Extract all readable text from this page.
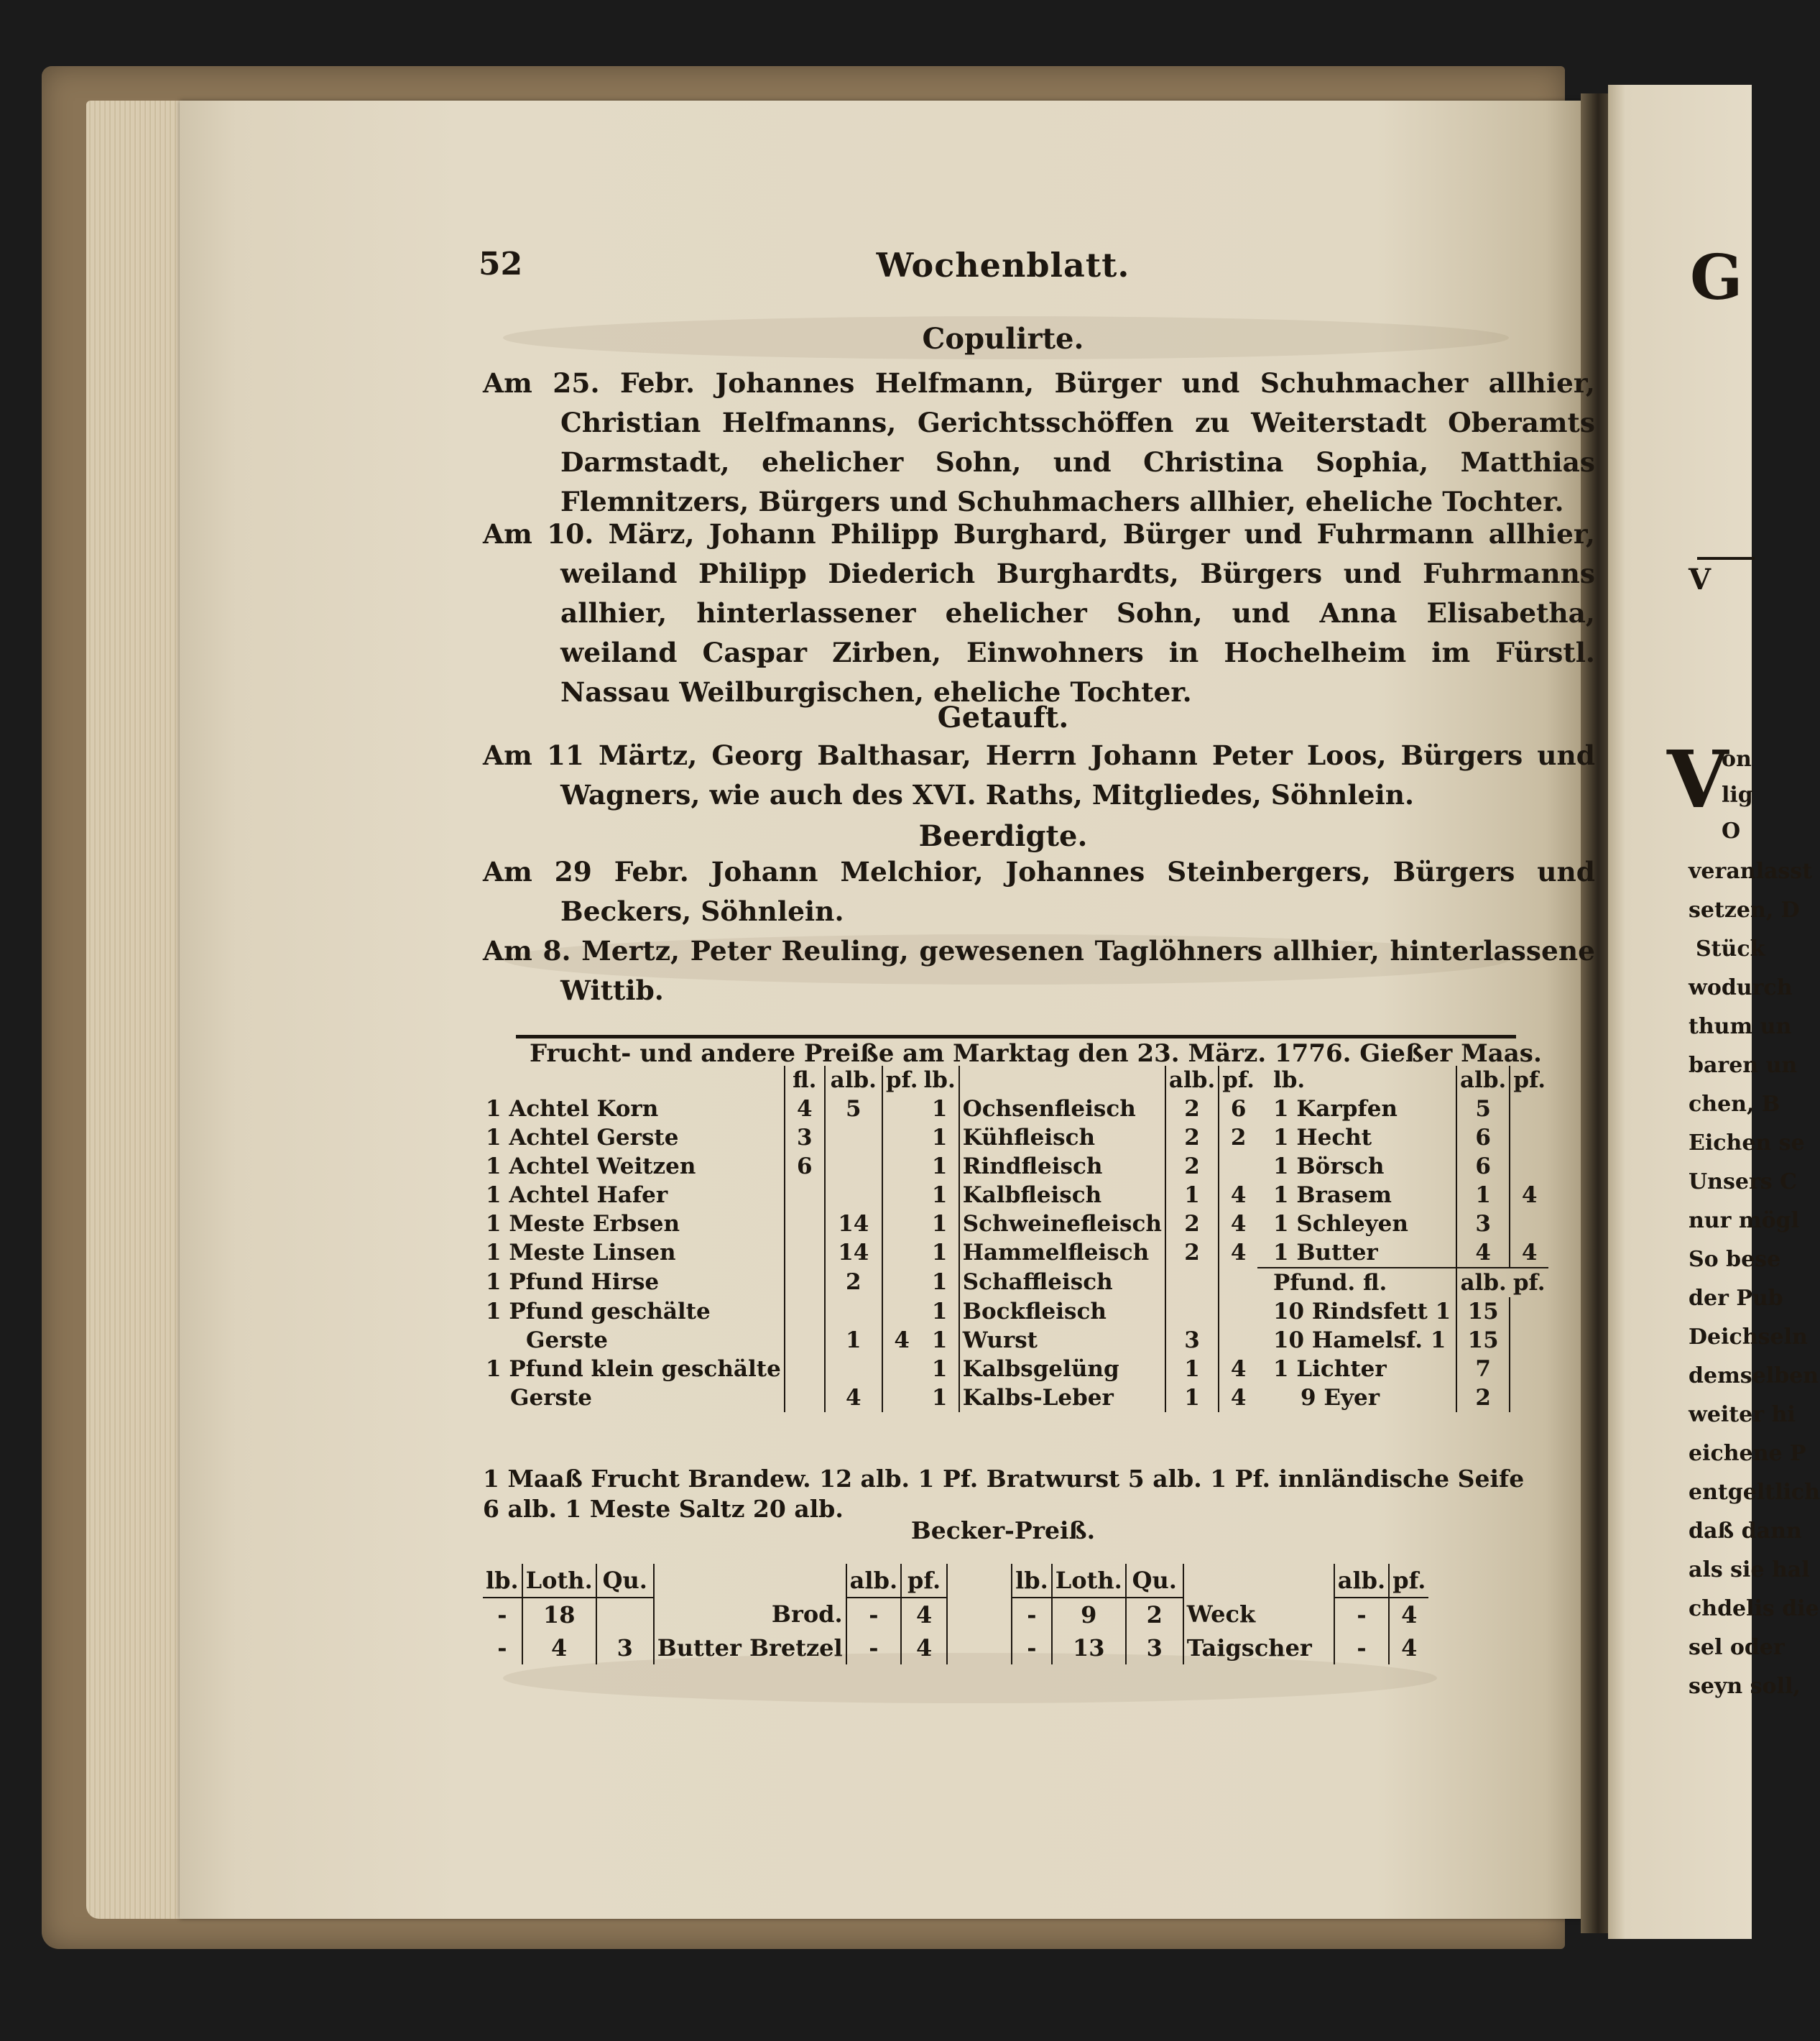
52	Wochenblatt.
Copulirte.
Am 25. Febr. Johannes Helfmann, Bürger und Schuhmacher allhier, Christian Helfmanns, Gerichtsschöffen zu Weiterstadt Oberamts Darmstadt, ehelicher Sohn, und Christina Sophia, Matthias Flemnitzers, Bürgers und Schuhmachers allhier, eheliche Tochter.
Am 10. März, Johann Philipp Burghard, Bürger und Fuhrmann allhier, weiland Philipp Diederich Burghardts, Bürgers und Fuhrmanns allhier, hinterlassener ehelicher Sohn, und Anna Elisabetha, weiland Caspar Zirben, Einwohners in Hochelheim im Fürstl. Nassau Weilburgischen, eheliche Tochter.
Getauft.
Am 11 Märtz, Georg Balthasar, Herrn Johann Peter Loos, Bürgers und Wagners, wie auch des XVI. Raths, Mitgliedes, Söhnlein.
Beerdigte.
Am 29 Febr. Johann Melchior, Johannes Steinbergers, Bürgers und Beckers, Söhnlein.
Am 8. Mertz, Peter Reuling, gewesenen Taglöhners allhier, hinterlassene Wittib.
Frucht- und andere Preiße am Marktag den 23. März. 1776. Gießer Maas.
	fl.	alb.	pf.	lb.		alb.	pf.	lb.	alb.	pf.
1 Achtel Korn	4	5		1	Ochsenfleisch	2	6	1 Karpfen	5	
1 Achtel Gerste	3			1	Kühfleisch	2	2	1 Hecht	6	
1 Achtel Weitzen	6			1	Rindfleisch	2		1 Börsch	6	
1 Achtel Hafer				1	Kalbfleisch	1	4	1 Brasem	1	4
1 Meste Erbsen		14		1	Schweinefleisch	2	4	1 Schleyen	3	
1 Meste Linsen		14		1	Hammelfleisch	2	4	1 Butter	4	4
1 Pfund Hirse		2		1	Schaffleisch			Pfund. fl.	alb.	pf.
1 Pfund geschälte				1	Bockfleisch			10 Rindsfett 1	15	
Gerste		1	4	1	Wurst	3		10 Hamelsf. 1	15	
1 Pfund klein geschälte				1	Kalbsgelüng	1	4	1 Lichter	7	
Gerste		4		1	Kalbs-Leber	1	4	9 Eyer	2	
1 Maaß Frucht Brandew. 12 alb. 1 Pf. Bratwurst 5 alb. 1 Pf. innländische Seife
6 alb. 1 Meste Saltz 20 alb.
Becker-Preiß.
lb.	Loth.	Qu.		alb.	pf.		lb.	Loth.	Qu.		alb.	pf.
-	18		Brod.	-	4		-	9	2	Weck	-	4
-	4	3	Butter Bretzel	-	4		-	13	3	Taigscher	-	4
G
V
V
on
lig
O
veranlasst
setzen, D
Stück
wodurch
thum un
baren un
chen, B
Eichen se
Unsers C
nur mögl
So bese
der Pub
Deichseln
demselben
weiter hi
eichene P
entgeltlich
daß dann
als sie hal
chdelis die
sel oder
seyn soll,
